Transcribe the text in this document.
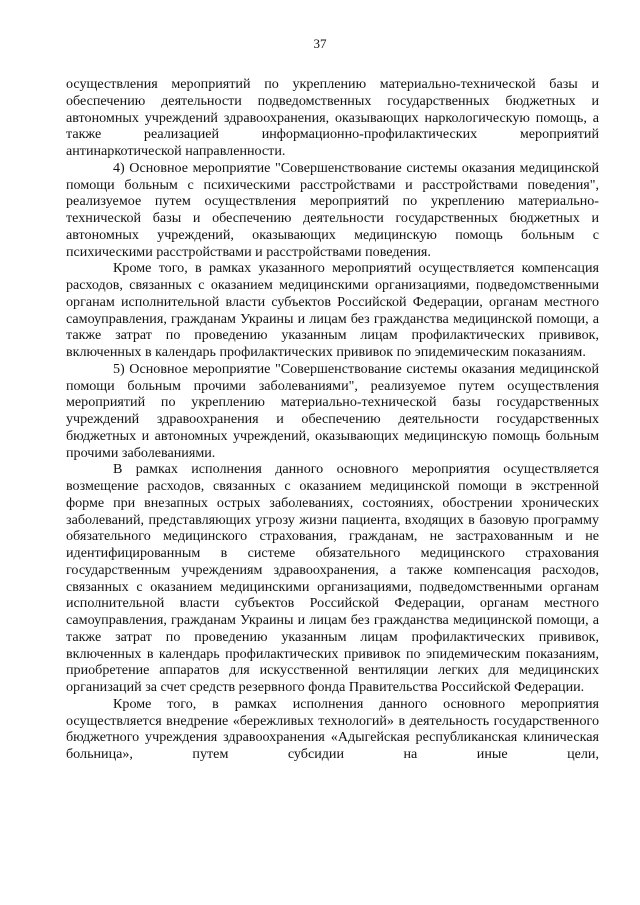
37

осуществления мероприятий по укреплению материально-технической базы и обеспечению деятельности подведомственных государственных бюджетных и автономных учреждений здравоохранения, оказывающих наркологическую помощь, а также реализацией информационно-профилактических мероприятий антинаркотической направленности.

4) Основное мероприятие "Совершенствование системы оказания медицинской помощи больным с психическими расстройствами и расстройствами поведения", реализуемое путем осуществления мероприятий по укреплению материально-технической базы и обеспечению деятельности государственных бюджетных и автономных учреждений, оказывающих медицинскую помощь больным с психическими расстройствами и расстройствами поведения.

Кроме того, в рамках указанного мероприятий осуществляется компенсация расходов, связанных с оказанием медицинскими организациями, подведомственными органам исполнительной власти субъектов Российской Федерации, органам местного самоуправления, гражданам Украины и лицам без гражданства медицинской помощи, а также затрат по проведению указанным лицам профилактических прививок, включенных в календарь профилактических прививок по эпидемическим показаниям.

5) Основное мероприятие "Совершенствование системы оказания медицинской помощи больным прочими заболеваниями", реализуемое путем осуществления мероприятий по укреплению материально-технической базы государственных учреждений здравоохранения и обеспечению деятельности государственных бюджетных и автономных учреждений, оказывающих медицинскую помощь больным прочими заболеваниями.

В рамках исполнения данного основного мероприятия осуществляется возмещение расходов, связанных с оказанием медицинской помощи в экстренной форме при внезапных острых заболеваниях, состояниях, обострении хронических заболеваний, представляющих угрозу жизни пациента, входящих в базовую программу обязательного медицинского страхования, гражданам, не застрахованным и не идентифицированным в системе обязательного медицинского страхования государственным учреждениям здравоохранения, а также компенсация расходов, связанных с оказанием медицинскими организациями, подведомственными органам исполнительной власти субъектов Российской Федерации, органам местного самоуправления, гражданам Украины и лицам без гражданства медицинской помощи, а также затрат по проведению указанным лицам профилактических прививок, включенных в календарь профилактических прививок по эпидемическим показаниям, приобретение аппаратов для искусственной вентиляции легких для медицинских организаций за счет средств резервного фонда Правительства Российской Федерации.

Кроме того, в рамках исполнения данного основного мероприятия осуществляется внедрение «бережливых технологий» в деятельность государственного бюджетного учреждения здравоохранения «Адыгейская республиканская клиническая больница», путем субсидии на иные цели,
